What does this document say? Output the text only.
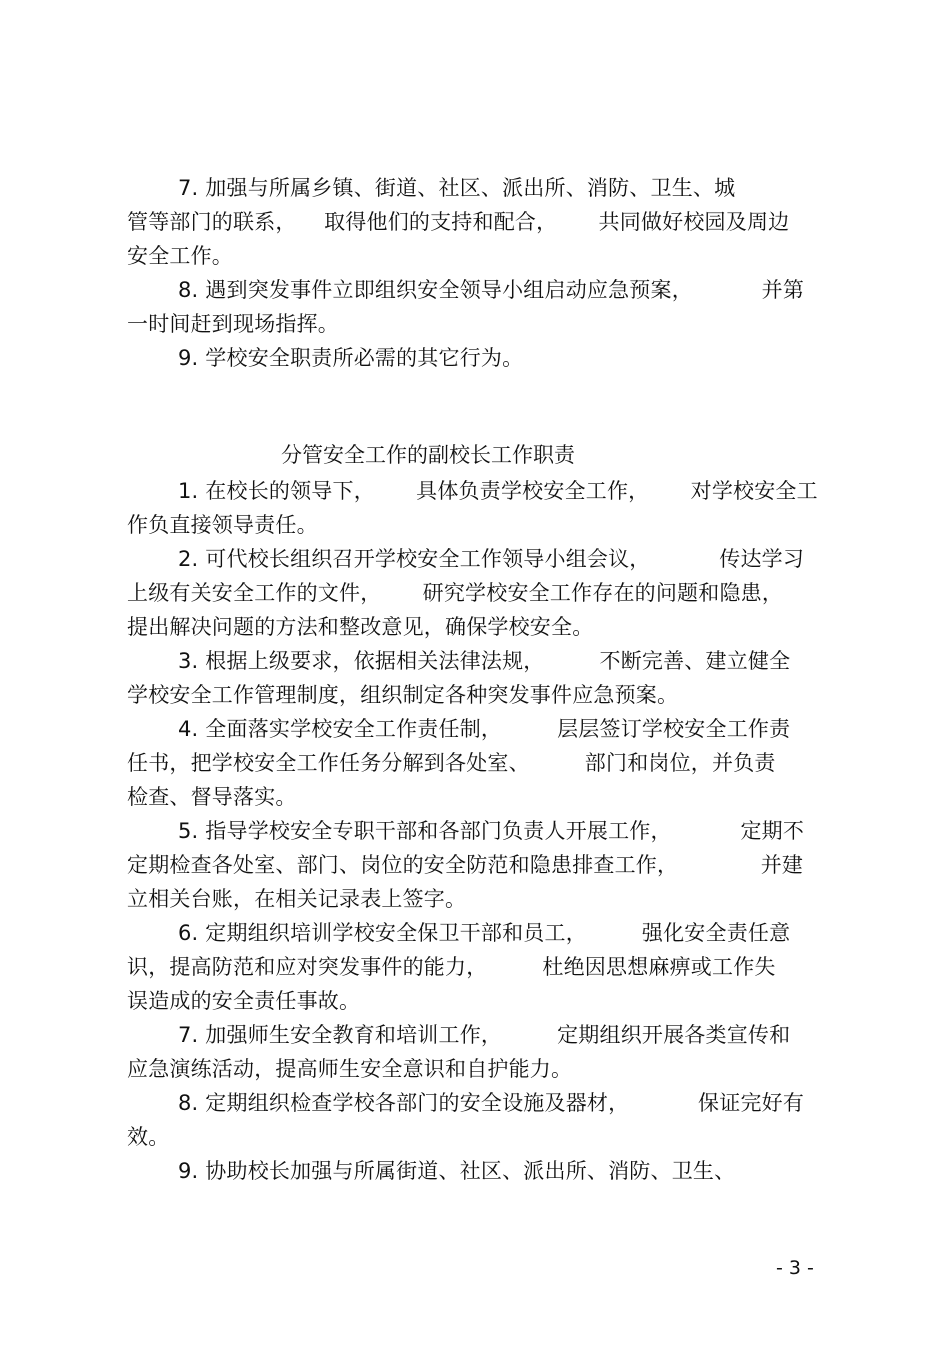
7. 加强与所属乡镇、街道、社区、派出所、消防、卫生、城
管等部门的联系，    取得他们的支持和配合，      共同做好校园及周边
安全工作。
8. 遇到突发事件立即组织安全领导小组启动应急预案，          并第
一时间赶到现场指挥。
9. 学校安全职责所必需的其它行为。
分管安全工作的副校长工作职责
1. 在校长的领导下，      具体负责学校安全工作，      对学校安全工
作负直接领导责任。
2. 可代校长组织召开学校安全工作领导小组会议，          传达学习
上级有关安全工作的文件，      研究学校安全工作存在的问题和隐患，
提出解决问题的方法和整改意见，确保学校安全。
3. 根据上级要求，依据相关法律法规，        不断完善、建立健全
学校安全工作管理制度，组织制定各种突发事件应急预案。
4. 全面落实学校安全工作责任制，        层层签订学校安全工作责
任书，把学校安全工作任务分解到各处室、        部门和岗位，并负责
检查、督导落实。
5. 指导学校安全专职干部和各部门负责人开展工作，          定期不
定期检查各处室、部门、岗位的安全防范和隐患排查工作，            并建
立相关台账，在相关记录表上签字。
6. 定期组织培训学校安全保卫干部和员工，        强化安全责任意
识，提高防范和应对突发事件的能力，        杜绝因思想麻痹或工作失
误造成的安全责任事故。
7. 加强师生安全教育和培训工作，        定期组织开展各类宣传和
应急演练活动，提高师生安全意识和自护能力。
8. 定期组织检查学校各部门的安全设施及器材，          保证完好有
效。
9. 协助校长加强与所属街道、社区、派出所、消防、卫生、
- 3 -
